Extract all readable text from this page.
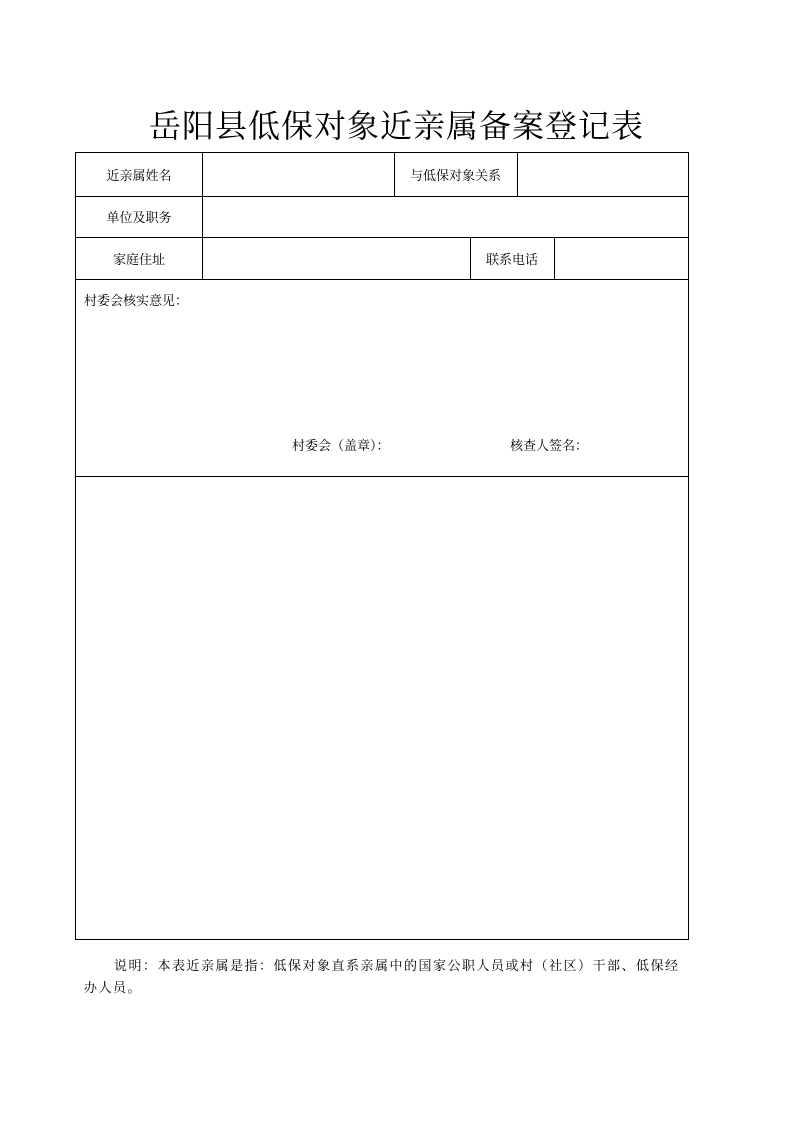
岳阳县低保对象近亲属备案登记表
近亲属姓名	与低保对象关系
单位及职务
家庭住址	联系电话
村委会核实意见：
村委会（盖章）：	核查人签名：
说明：本表近亲属是指：低保对象直系亲属中的国家公职人员或村（社区）干部、低保经办人员。
